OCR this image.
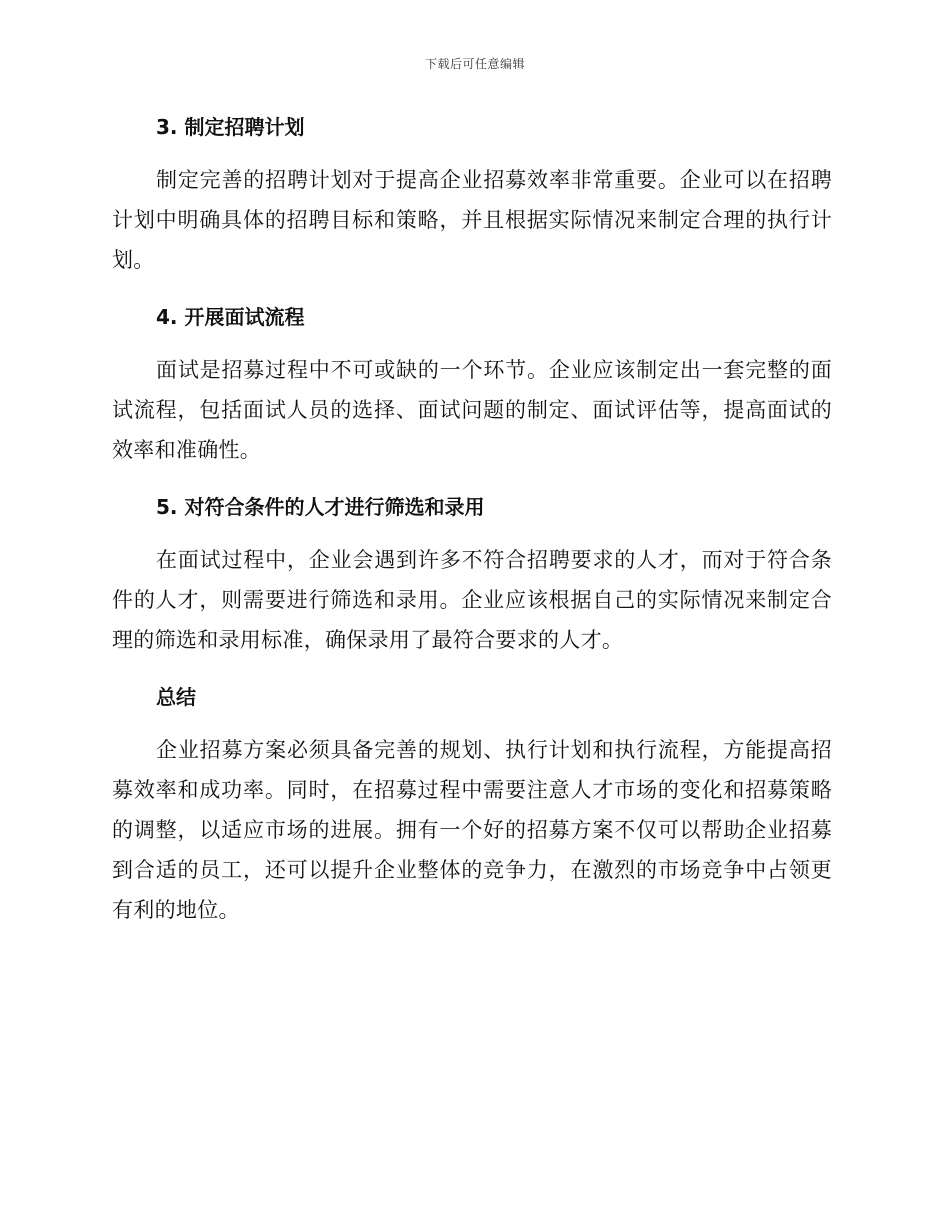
下载后可任意编辑
3. 制定招聘计划

制定完善的招聘计划对于提高企业招募效率非常重要。企业可以在招聘计划中明确具体的招聘目标和策略，并且根据实际情况来制定合理的执行计划。

4. 开展面试流程

面试是招募过程中不可或缺的一个环节。企业应该制定出一套完整的面试流程，包括面试人员的选择、面试问题的制定、面试评估等，提高面试的效率和准确性。

5. 对符合条件的人才进行筛选和录用

在面试过程中，企业会遇到许多不符合招聘要求的人才，而对于符合条件的人才，则需要进行筛选和录用。企业应该根据自己的实际情况来制定合理的筛选和录用标准，确保录用了最符合要求的人才。

总结

企业招募方案必须具备完善的规划、执行计划和执行流程，方能提高招募效率和成功率。同时，在招募过程中需要注意人才市场的变化和招募策略的调整，以适应市场的进展。拥有一个好的招募方案不仅可以帮助企业招募到合适的员工，还可以提升企业整体的竞争力，在激烈的市场竞争中占领更有利的地位。
